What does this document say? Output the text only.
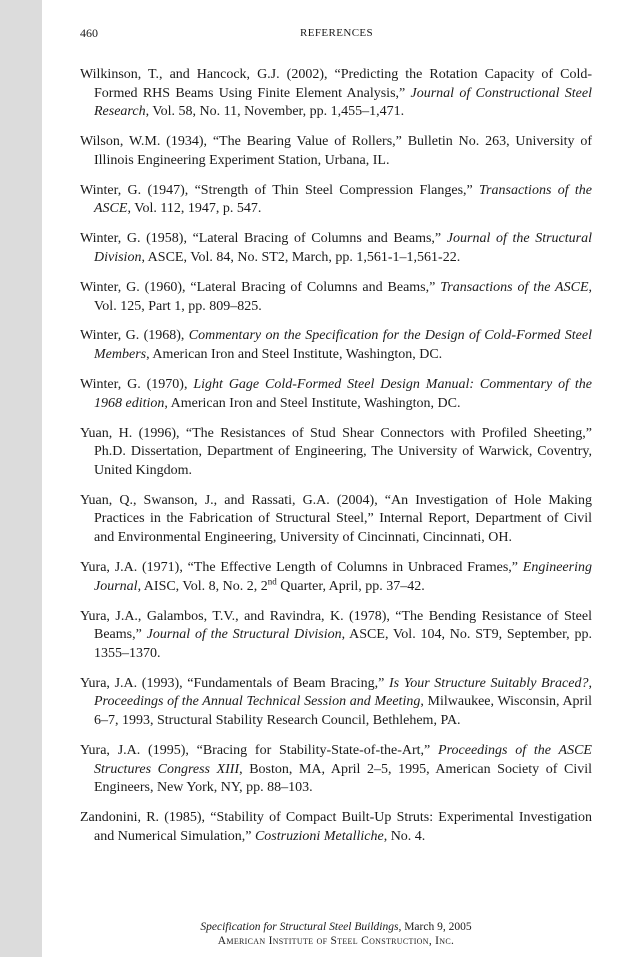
460	REFERENCES

Wilkinson, T., and Hancock, G.J. (2002), “Predicting the Rotation Capacity of Cold-Formed RHS Beams Using Finite Element Analysis,” Journal of Constructional Steel Research, Vol. 58, No. 11, November, pp. 1,455–1,471.

Wilson, W.M. (1934), “The Bearing Value of Rollers,” Bulletin No. 263, University of Illinois Engineering Experiment Station, Urbana, IL.

Winter, G. (1947), “Strength of Thin Steel Compression Flanges,” Transactions of the ASCE, Vol. 112, 1947, p. 547.

Winter, G. (1958), “Lateral Bracing of Columns and Beams,” Journal of the Structural Division, ASCE, Vol. 84, No. ST2, March, pp. 1,561-1–1,561-22.

Winter, G. (1960), “Lateral Bracing of Columns and Beams,” Transactions of the ASCE, Vol. 125, Part 1, pp. 809–825.

Winter, G. (1968), Commentary on the Specification for the Design of Cold-Formed Steel Members, American Iron and Steel Institute, Washington, DC.

Winter, G. (1970), Light Gage Cold-Formed Steel Design Manual: Commentary of the 1968 edition, American Iron and Steel Institute, Washington, DC.

Yuan, H. (1996), “The Resistances of Stud Shear Connectors with Profiled Sheeting,” Ph.D. Dissertation, Department of Engineering, The University of Warwick, Coventry, United Kingdom.

Yuan, Q., Swanson, J., and Rassati, G.A. (2004), “An Investigation of Hole Making Practices in the Fabrication of Structural Steel,” Internal Report, Department of Civil and Environmental Engineering, University of Cincinnati, Cincinnati, OH.

Yura, J.A. (1971), “The Effective Length of Columns in Unbraced Frames,” Engineering Journal, AISC, Vol. 8, No. 2, 2nd Quarter, April, pp. 37–42.

Yura, J.A., Galambos, T.V., and Ravindra, K. (1978), “The Bending Resistance of Steel Beams,” Journal of the Structural Division, ASCE, Vol. 104, No. ST9, September, pp. 1355–1370.

Yura, J.A. (1993), “Fundamentals of Beam Bracing,” Is Your Structure Suitably Braced?, Proceedings of the Annual Technical Session and Meeting, Milwaukee, Wisconsin, April 6–7, 1993, Structural Stability Research Council, Bethlehem, PA.

Yura, J.A. (1995), “Bracing for Stability-State-of-the-Art,” Proceedings of the ASCE Structures Congress XIII, Boston, MA, April 2–5, 1995, American Society of Civil Engineers, New York, NY, pp. 88–103.

Zandonini, R. (1985), “Stability of Compact Built-Up Struts: Experimental Investigation and Numerical Simulation,” Costruzioni Metalliche, No. 4.

Specification for Structural Steel Buildings, March 9, 2005
American Institute of Steel Construction, Inc.
